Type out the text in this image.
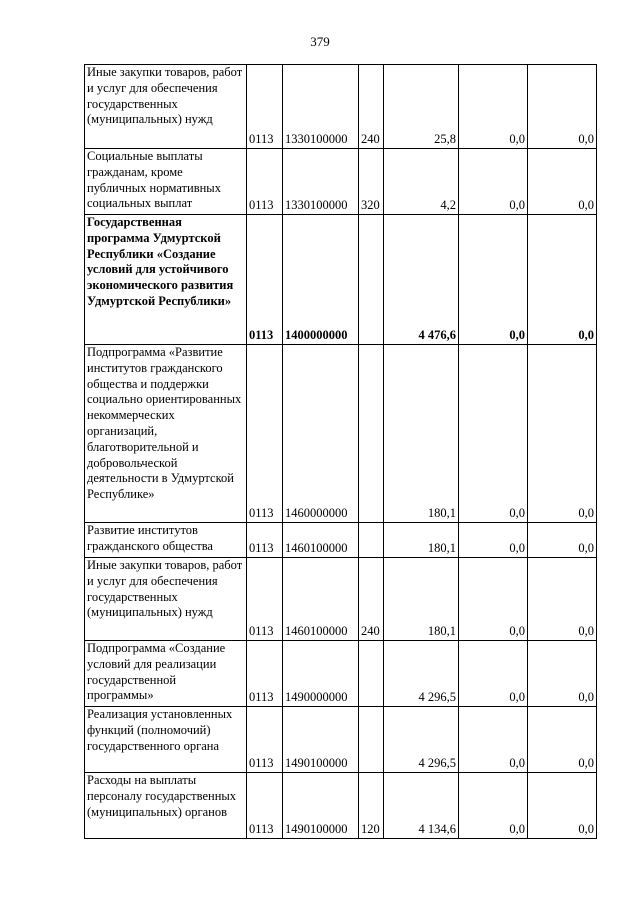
379
Иные закупки товаров, работ и услуг для обеспечения государственных (муниципальных) нужд	0113	1330100000	240	25,8	0,0	0,0
Социальные выплаты гражданам, кроме публичных нормативных социальных выплат	0113	1330100000	320	4,2	0,0	0,0
Государственная программа Удмуртской Республики «Создание условий для устойчивого экономического развития Удмуртской Республики»	0113	1400000000		4 476,6	0,0	0,0
Подпрограмма «Развитие институтов гражданского общества и поддержки социально ориентированных некоммерческих организаций, благотворительной и добровольческой деятельности в Удмуртской Республике»	0113	1460000000		180,1	0,0	0,0
Развитие институтов гражданского общества	0113	1460100000		180,1	0,0	0,0
Иные закупки товаров, работ и услуг для обеспечения государственных (муниципальных) нужд	0113	1460100000	240	180,1	0,0	0,0
Подпрограмма «Создание условий для реализации государственной программы»	0113	1490000000		4 296,5	0,0	0,0
Реализация установленных функций (полномочий) государственного органа	0113	1490100000		4 296,5	0,0	0,0
Расходы на выплаты персоналу государственных (муниципальных) органов	0113	1490100000	120	4 134,6	0,0	0,0
